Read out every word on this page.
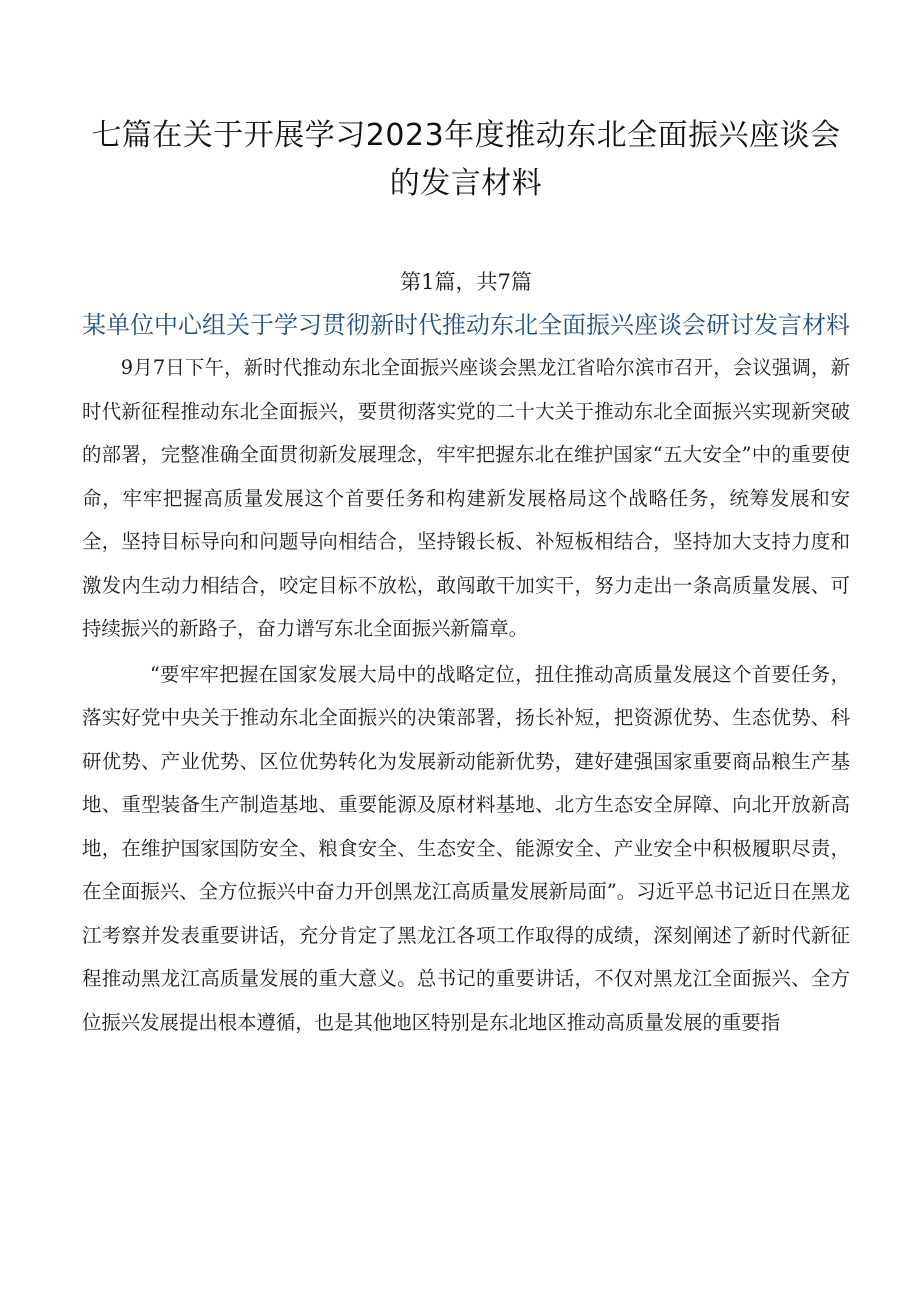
七篇在关于开展学习2023年度推动东北全面振兴座谈会的发言材料

第1篇，共7篇

某单位中心组关于学习贯彻新时代推动东北全面振兴座谈会研讨发言材料

9月7日下午，新时代推动东北全面振兴座谈会黑龙江省哈尔滨市召开，会议强调，新时代新征程推动东北全面振兴，要贯彻落实党的二十大关于推动东北全面振兴实现新突破的部署，完整准确全面贯彻新发展理念，牢牢把握东北在维护国家“五大安全”中的重要使命，牢牢把握高质量发展这个首要任务和构建新发展格局这个战略任务，统筹发展和安全，坚持目标导向和问题导向相结合，坚持锻长板、补短板相结合，坚持加大支持力度和激发内生动力相结合，咬定目标不放松，敢闯敢干加实干，努力走出一条高质量发展、可持续振兴的新路子，奋力谱写东北全面振兴新篇章。

“要牢牢把握在国家发展大局中的战略定位，扭住推动高质量发展这个首要任务，落实好党中央关于推动东北全面振兴的决策部署，扬长补短，把资源优势、生态优势、科研优势、产业优势、区位优势转化为发展新动能新优势，建好建强国家重要商品粮生产基地、重型装备生产制造基地、重要能源及原材料基地、北方生态安全屏障、向北开放新高地，在维护国家国防安全、粮食安全、生态安全、能源安全、产业安全中积极履职尽责，在全面振兴、全方位振兴中奋力开创黑龙江高质量发展新局面”。习近平总书记近日在黑龙江考察并发表重要讲话，充分肯定了黑龙江各项工作取得的成绩，深刻阐述了新时代新征程推动黑龙江高质量发展的重大意义。总书记的重要讲话，不仅对黑龙江全面振兴、全方位振兴发展提出根本遵循，也是其他地区特别是东北地区推动高质量发展的重要指
